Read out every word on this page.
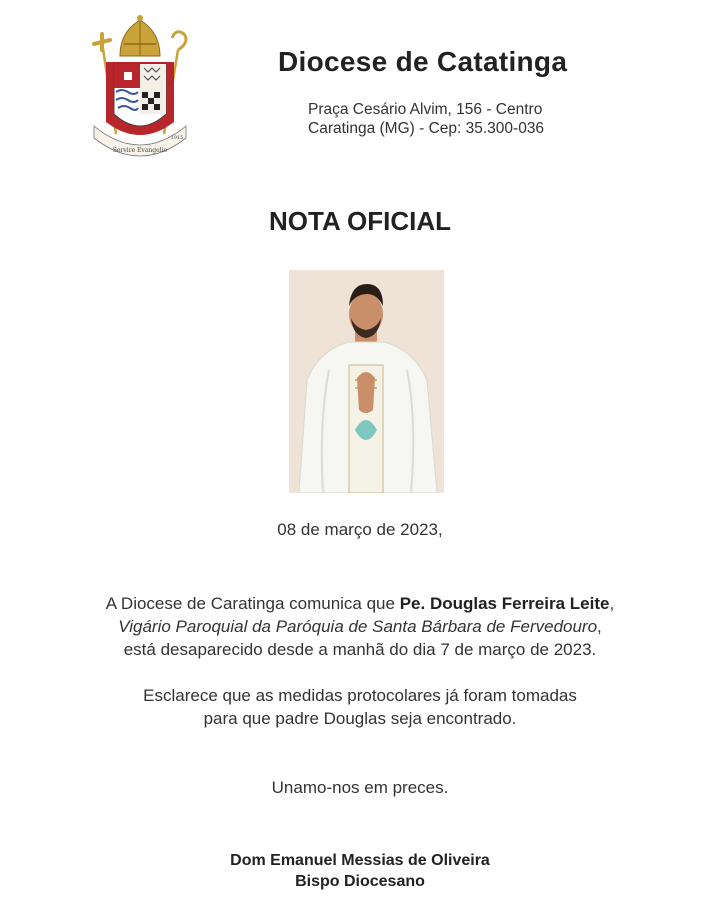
Servire Evangelio
1915
Diocese de Catatinga
Praça Cesário Alvim, 156 - Centro
Caratinga (MG) - Cep: 35.300-036
NOTA OFICIAL
08 de março de 2023,
A Diocese de Caratinga comunica que Pe. Douglas Ferreira Leite,
Vigário Paroquial da Paróquia de Santa Bárbara de Fervedouro,
está desaparecido desde a manhã do dia 7 de março de 2023.
Esclarece que as medidas protocolares já foram tomadas
para que padre Douglas seja encontrado.
Unamo-nos em preces.
Dom Emanuel Messias de Oliveira
Bispo Diocesano
